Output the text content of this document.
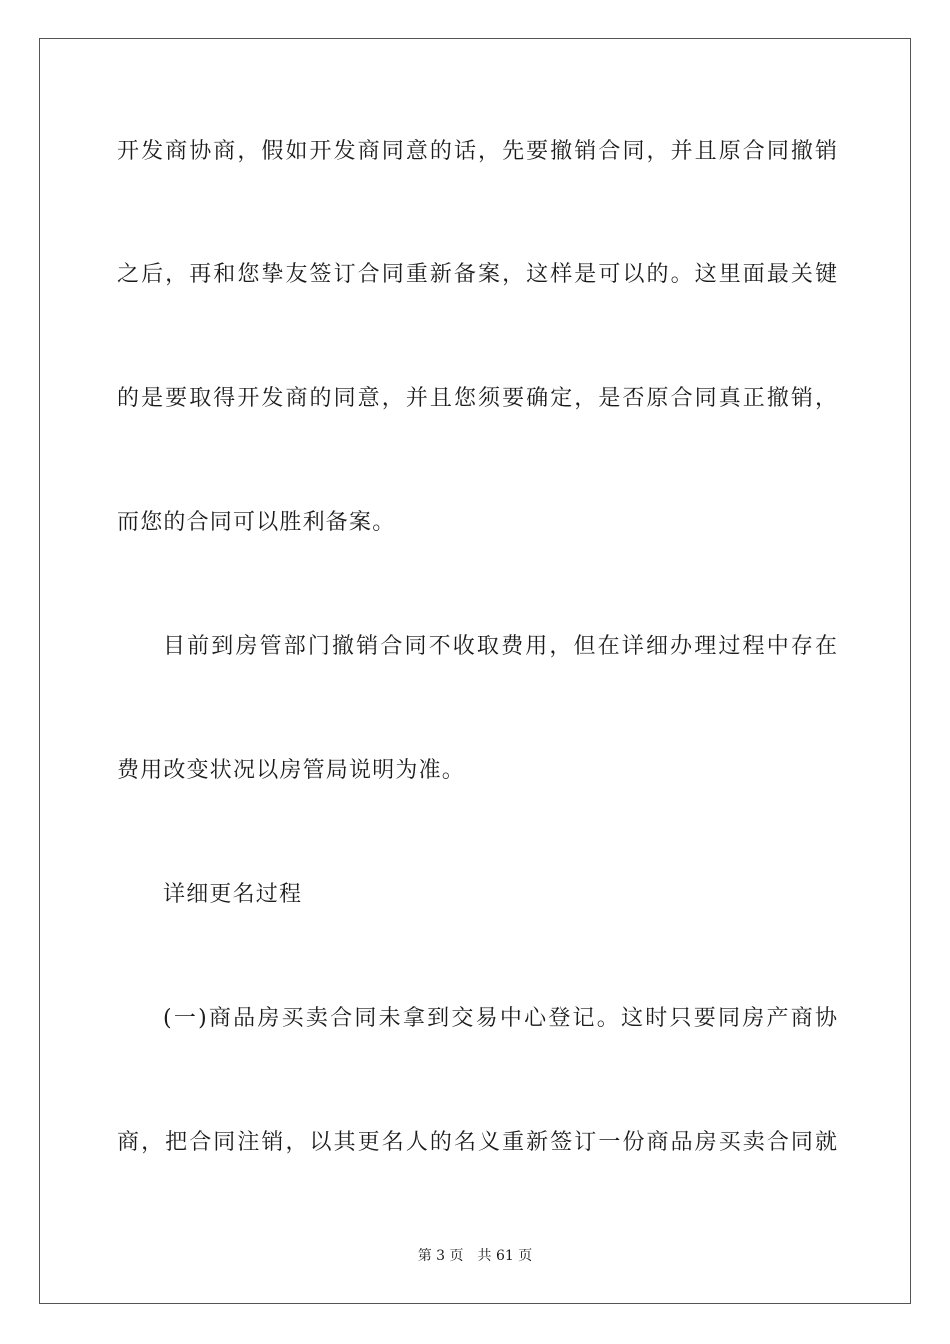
开发商协商，假如开发商同意的话，先要撤销合同，并且原合同撤销
之后，再和您挚友签订合同重新备案，这样是可以的。这里面最关键
的是要取得开发商的同意，并且您须要确定，是否原合同真正撤销，
而您的合同可以胜利备案。
目前到房管部门撤销合同不收取费用，但在详细办理过程中存在
费用改变状况以房管局说明为准。
详细更名过程
(一)商品房买卖合同未拿到交易中心登记。这时只要同房产商协
商，把合同注销，以其更名人的名义重新签订一份商品房买卖合同就
第 3 页 共 61 页
